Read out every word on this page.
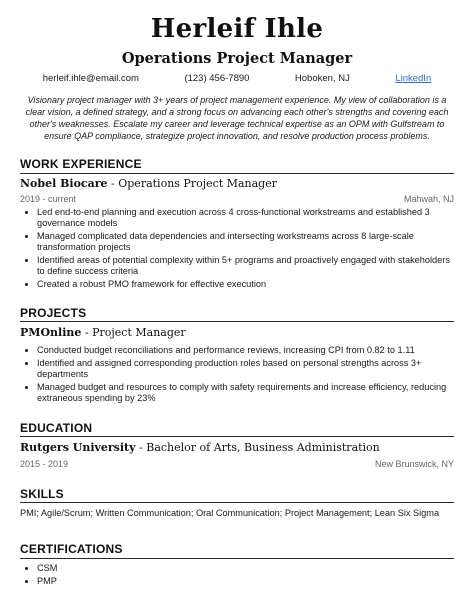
Herleif Ihle
Operations Project Manager
herleif.ihle@email.com	(123) 456-7890	Hoboken, NJ	LinkedIn
Visionary project manager with 3+ years of project management experience. My view of collaboration is a clear vision, a defined strategy, and a strong focus on advancing each other's strengths and covering each other's weaknesses. Escalate my career and leverage technical expertise as an OPM with Gulfstream to ensure QAP compliance, strategize project innovation, and resolve production process problems.
WORK EXPERIENCE
Nobel Biocare - Operations Project Manager
2019 - current	Mahwah, NJ
• Led end-to-end planning and execution across 4 cross-functional workstreams and established 3 governance models
• Managed complicated data dependencies and intersecting workstreams across 8 large-scale transformation projects
• Identified areas of potential complexity within 5+ programs and proactively engaged with stakeholders to define success criteria
• Created a robust PMO framework for effective execution
PROJECTS
PMOnline - Project Manager
• Conducted budget reconciliations and performance reviews, increasing CPI from 0.82 to 1.11
• Identified and assigned corresponding production roles based on personal strengths across 3+ departments
• Managed budget and resources to comply with safety requirements and increase efficiency, reducing extraneous spending by 23%
EDUCATION
Rutgers University - Bachelor of Arts, Business Administration
2015 - 2019	New Brunswick, NY
SKILLS
PMI; Agile/Scrum; Written Communication; Oral Communication; Project Management; Lean Six Sigma
CERTIFICATIONS
• CSM
• PMP
